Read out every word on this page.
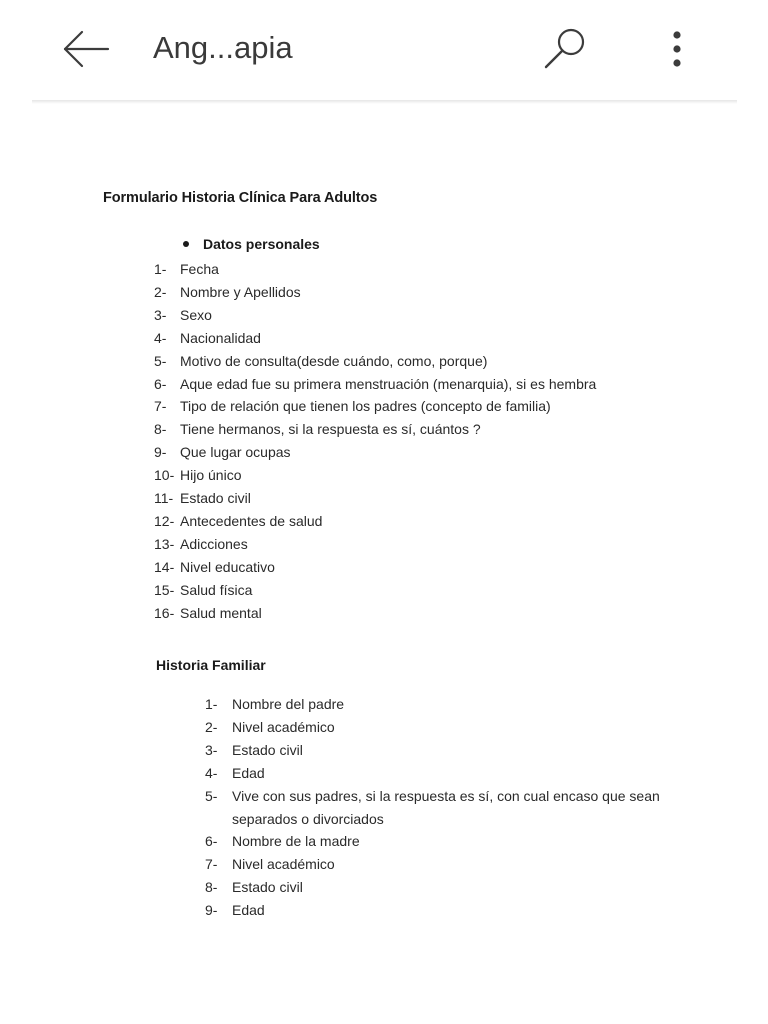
Ang...apia
Formulario Historia Clínica Para Adultos
Datos personales
1- Fecha
2- Nombre y Apellidos
3- Sexo
4- Nacionalidad
5- Motivo de consulta(desde cuándo, como, porque)
6- Aque edad fue su primera menstruación (menarquia), si es hembra
7- Tipo de relación que tienen los padres (concepto de familia)
8- Tiene hermanos, si la respuesta es sí, cuántos ?
9- Que lugar ocupas
10- Hijo único
11- Estado civil
12- Antecedentes de salud
13- Adicciones
14- Nivel educativo
15- Salud física
16- Salud mental
Historia Familiar
1-	Nombre del padre
2-	Nivel académico
3-	Estado civil
4-	Edad
5-	Vive con sus padres, si la respuesta es sí, con cual encaso que sean separados o divorciados
6-	Nombre de la madre
7-	Nivel académico
8-	Estado civil
9-	Edad
